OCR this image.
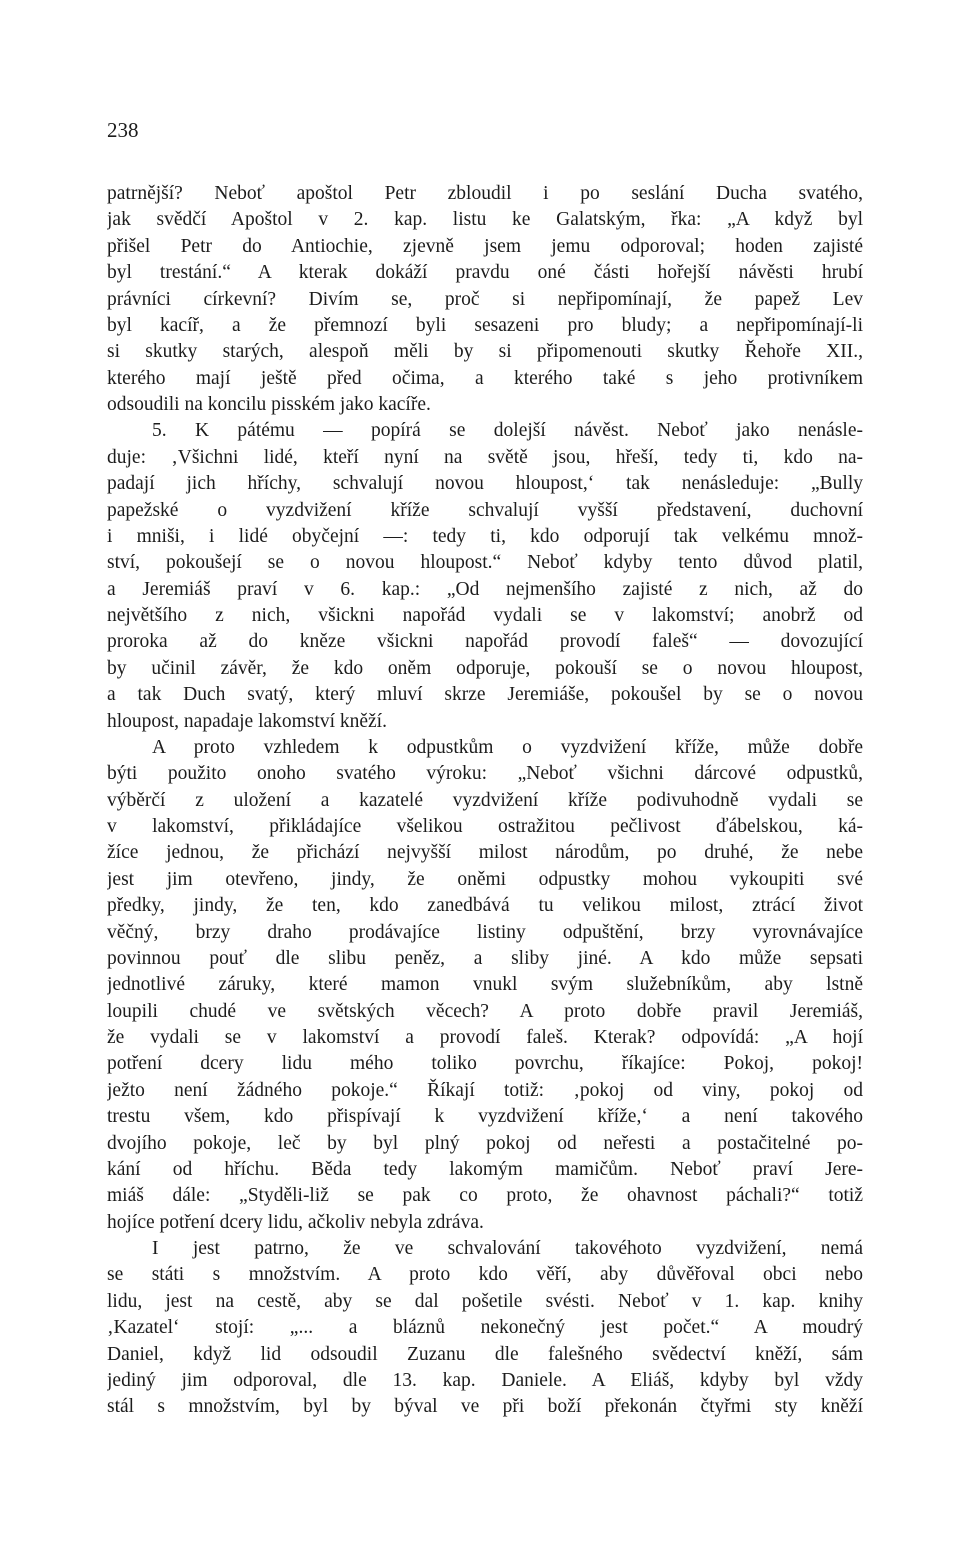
238
patrnější? Neboť apoštol Petr zbloudil i po seslání Ducha svatého,
jak svědčí Apoštol v 2. kap. listu ke Galatským, řka: „A když byl
přišel Petr do Antiochie, zjevně jsem jemu odporoval; hoden zajisté
byl trestání.“ A kterak dokáží pravdu oné části hořejší návěsti hrubí
právníci církevní? Divím se, proč si nepřipomínají, že papež Lev
byl kacíř, a že přemnozí byli sesazeni pro bludy; a nepřipomínají-li
si skutky starých, alespoň měli by si připomenouti skutky Řehoře XII.,
kterého mají ještě před očima, a kterého také s jeho protivníkem
odsoudili na koncilu pisském jako kacíře.
5. K pátému — popírá se dolejší návěst. Neboť jako nenásle-
duje: ‚Všichni lidé, kteří nyní na světě jsou, hřeší, tedy ti, kdo na-
padají jich hříchy, schvalují novou hloupost,‘ tak nenásleduje: „Bully
papežské o vyzdvižení kříže schvalují vyšší představení, duchovní
i mniši, i lidé obyčejní —: tedy ti, kdo odporují tak velkému množ-
ství, pokoušejí se o novou hloupost.“ Neboť kdyby tento důvod platil,
a Jeremiáš praví v 6. kap.: „Od nejmenšího zajisté z nich, až do
největšího z nich, všickni napořád vydali se v lakomství; anobrž od
proroka až do kněze všickni napořád provodí faleš“ — dovozující
by učinil závěr, že kdo oněm odporuje, pokouší se o novou hloupost,
a tak Duch svatý, který mluví skrze Jeremiáše, pokoušel by se o novou
hloupost, napadaje lakomství kněží.
A proto vzhledem k odpustkům o vyzdvižení kříže, může dobře
býti použito onoho svatého výroku: „Neboť všichni dárcové odpustků,
výběrčí z uložení a kazatelé vyzdvižení kříže podivuhodně vydali se
v lakomství, přikládajíce všelikou ostražitou pečlivost ďábelskou, ká-
žíce jednou, že přichází nejvyšší milost národům, po druhé, že nebe
jest jim otevřeno, jindy, že oněmi odpustky mohou vykoupiti své
předky, jindy, že ten, kdo zanedbává tu velikou milost, ztrácí život
věčný, brzy draho prodávajíce listiny odpuštění, brzy vyrovnávajíce
povinnou pouť dle slibu peněz, a sliby jiné. A kdo může sepsati
jednotlivé záruky, které mamon vnukl svým služebníkům, aby lstně
loupili chudé ve světských věcech? A proto dobře pravil Jeremiáš,
že vydali se v lakomství a provodí faleš. Kterak? odpovídá: „A hojí
potření dcery lidu mého toliko povrchu, říkajíce: Pokoj, pokoj!
ježto není žádného pokoje.“ Říkají totiž: ‚pokoj od viny, pokoj od
trestu všem, kdo přispívají k vyzdvižení kříže,‘ a není takového
dvojího pokoje, leč by byl plný pokoj od neřesti a postačitelné po-
kání od hříchu. Běda tedy lakomým mamičům. Neboť praví Jere-
miáš dále: „Styděli-liž se pak co proto, že ohavnost páchali?“ totiž
hojíce potření dcery lidu, ačkoliv nebyla zdráva.
I jest patrno, že ve schvalování takovéhoto vyzdvižení, nemá
se státi s množstvím. A proto kdo věří, aby důvěřoval obci nebo
lidu, jest na cestě, aby se dal pošetile svésti. Neboť v 1. kap. knihy
‚Kazatel‘ stojí: „... a bláznů nekonečný jest počet.“ A moudrý
Daniel, když lid odsoudil Zuzanu dle falešného svědectví kněží, sám
jediný jim odporoval, dle 13. kap. Daniele. A Eliáš, kdyby byl vždy
stál s množstvím, byl by býval ve při boží překonán čtyřmi sty kněží
